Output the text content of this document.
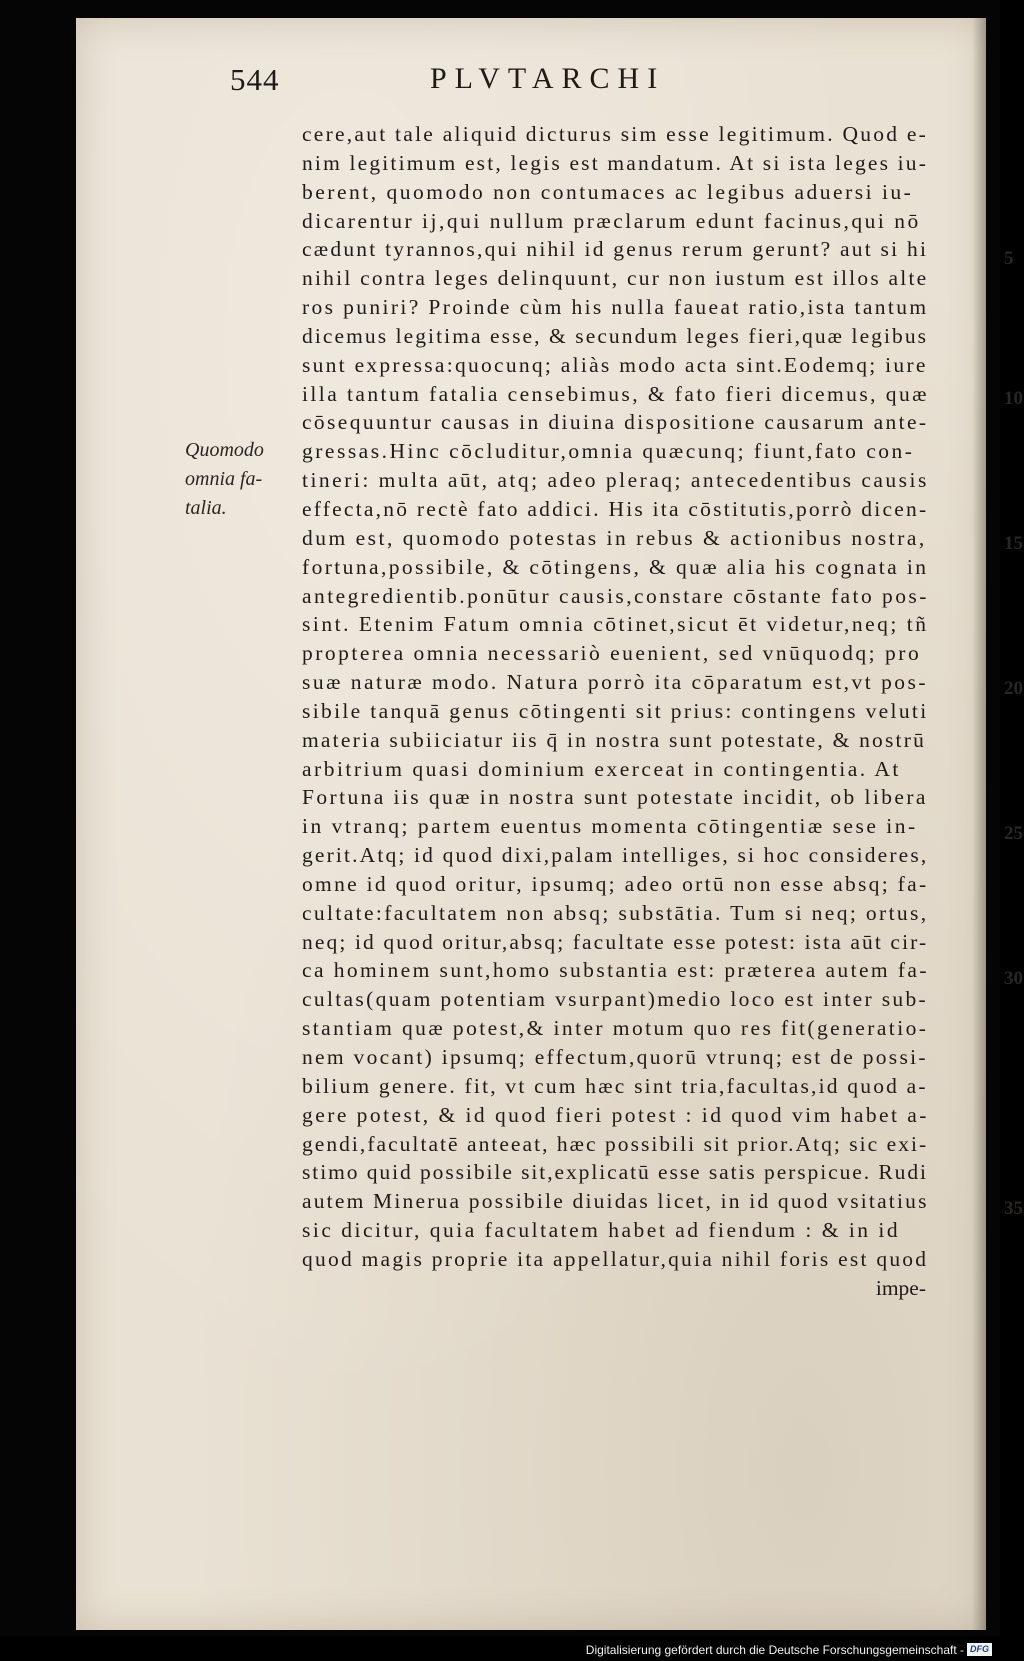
5
10
15
20
25
30
35
544	PLVTARCHI
Quomodo
omnia fa-
talia.
cere,aut tale aliquid dicturus sim esse legitimum. Quod e-
nim legitimum est, legis est mandatum. At si ista leges iu-
berent, quomodo non contumaces ac legibus aduersi iu-
dicarentur ij,qui nullum præclarum edunt facinus,qui nō
cædunt tyrannos,qui nihil id genus rerum gerunt? aut si hi
nihil contra leges delinquunt, cur non iustum est illos alte
ros puniri? Proinde cùm his nulla faueat ratio,ista tantum
dicemus legitima esse, & secundum leges fieri,quæ legibus
sunt expressa:quocunq; aliàs modo acta sint.Eodemq; iure
illa tantum fatalia censebimus, & fato fieri dicemus, quæ
cōsequuntur causas in diuina dispositione causarum ante-
gressas.Hinc cōcluditur,omnia quæcunq; fiunt,fato con-
tineri: multa aūt, atq; adeo pleraq; antecedentibus causis
effecta,nō rectè fato addici. His ita cōstitutis,porrò dicen-
dum est, quomodo potestas in rebus & actionibus nostra,
fortuna,possibile, & cōtingens, & quæ alia his cognata in
antegredientib.ponūtur causis,constare cōstante fato pos-
sint. Etenim Fatum omnia cōtinet,sicut ēt videtur,neq; tñ
propterea omnia necessariò euenient, sed vnūquodq; pro
suæ naturæ modo. Natura porrò ita cōparatum est,vt pos-
sibile tanquā genus cōtingenti sit prius: contingens veluti
materia subiiciatur iis q̄ in nostra sunt potestate, & nostrū
arbitrium quasi dominium exerceat in contingentia. At
Fortuna iis quæ in nostra sunt potestate incidit, ob libera
in vtranq; partem euentus momenta cōtingentiæ sese in-
gerit.Atq; id quod dixi,palam intelliges, si hoc consideres,
omne id quod oritur, ipsumq; adeo ortū non esse absq; fa-
cultate:facultatem non absq; substātia. Tum si neq; ortus,
neq; id quod oritur,absq; facultate esse potest: ista aūt cir-
ca hominem sunt,homo substantia est: præterea autem fa-
cultas(quam potentiam vsurpant)medio loco est inter sub-
stantiam quæ potest,& inter motum quo res fit(generatio-
nem vocant) ipsumq; effectum,quorū vtrunq; est de possi-
bilium genere. fit, vt cum hæc sint tria,facultas,id quod a-
gere potest, & id quod fieri potest : id quod vim habet a-
gendi,facultatē anteeat, hæc possibili sit prior.Atq; sic exi-
stimo quid possibile sit,explicatū esse satis perspicue. Rudi
autem Minerua possibile diuidas licet, in id quod vsitatius
sic dicitur, quia facultatem habet ad fiendum : & in id
quod magis proprie ita appellatur,quia nihil foris est quod
impe-
Digitalisierung gefördert durch die Deutsche Forschungsgemeinschaft - DFG
